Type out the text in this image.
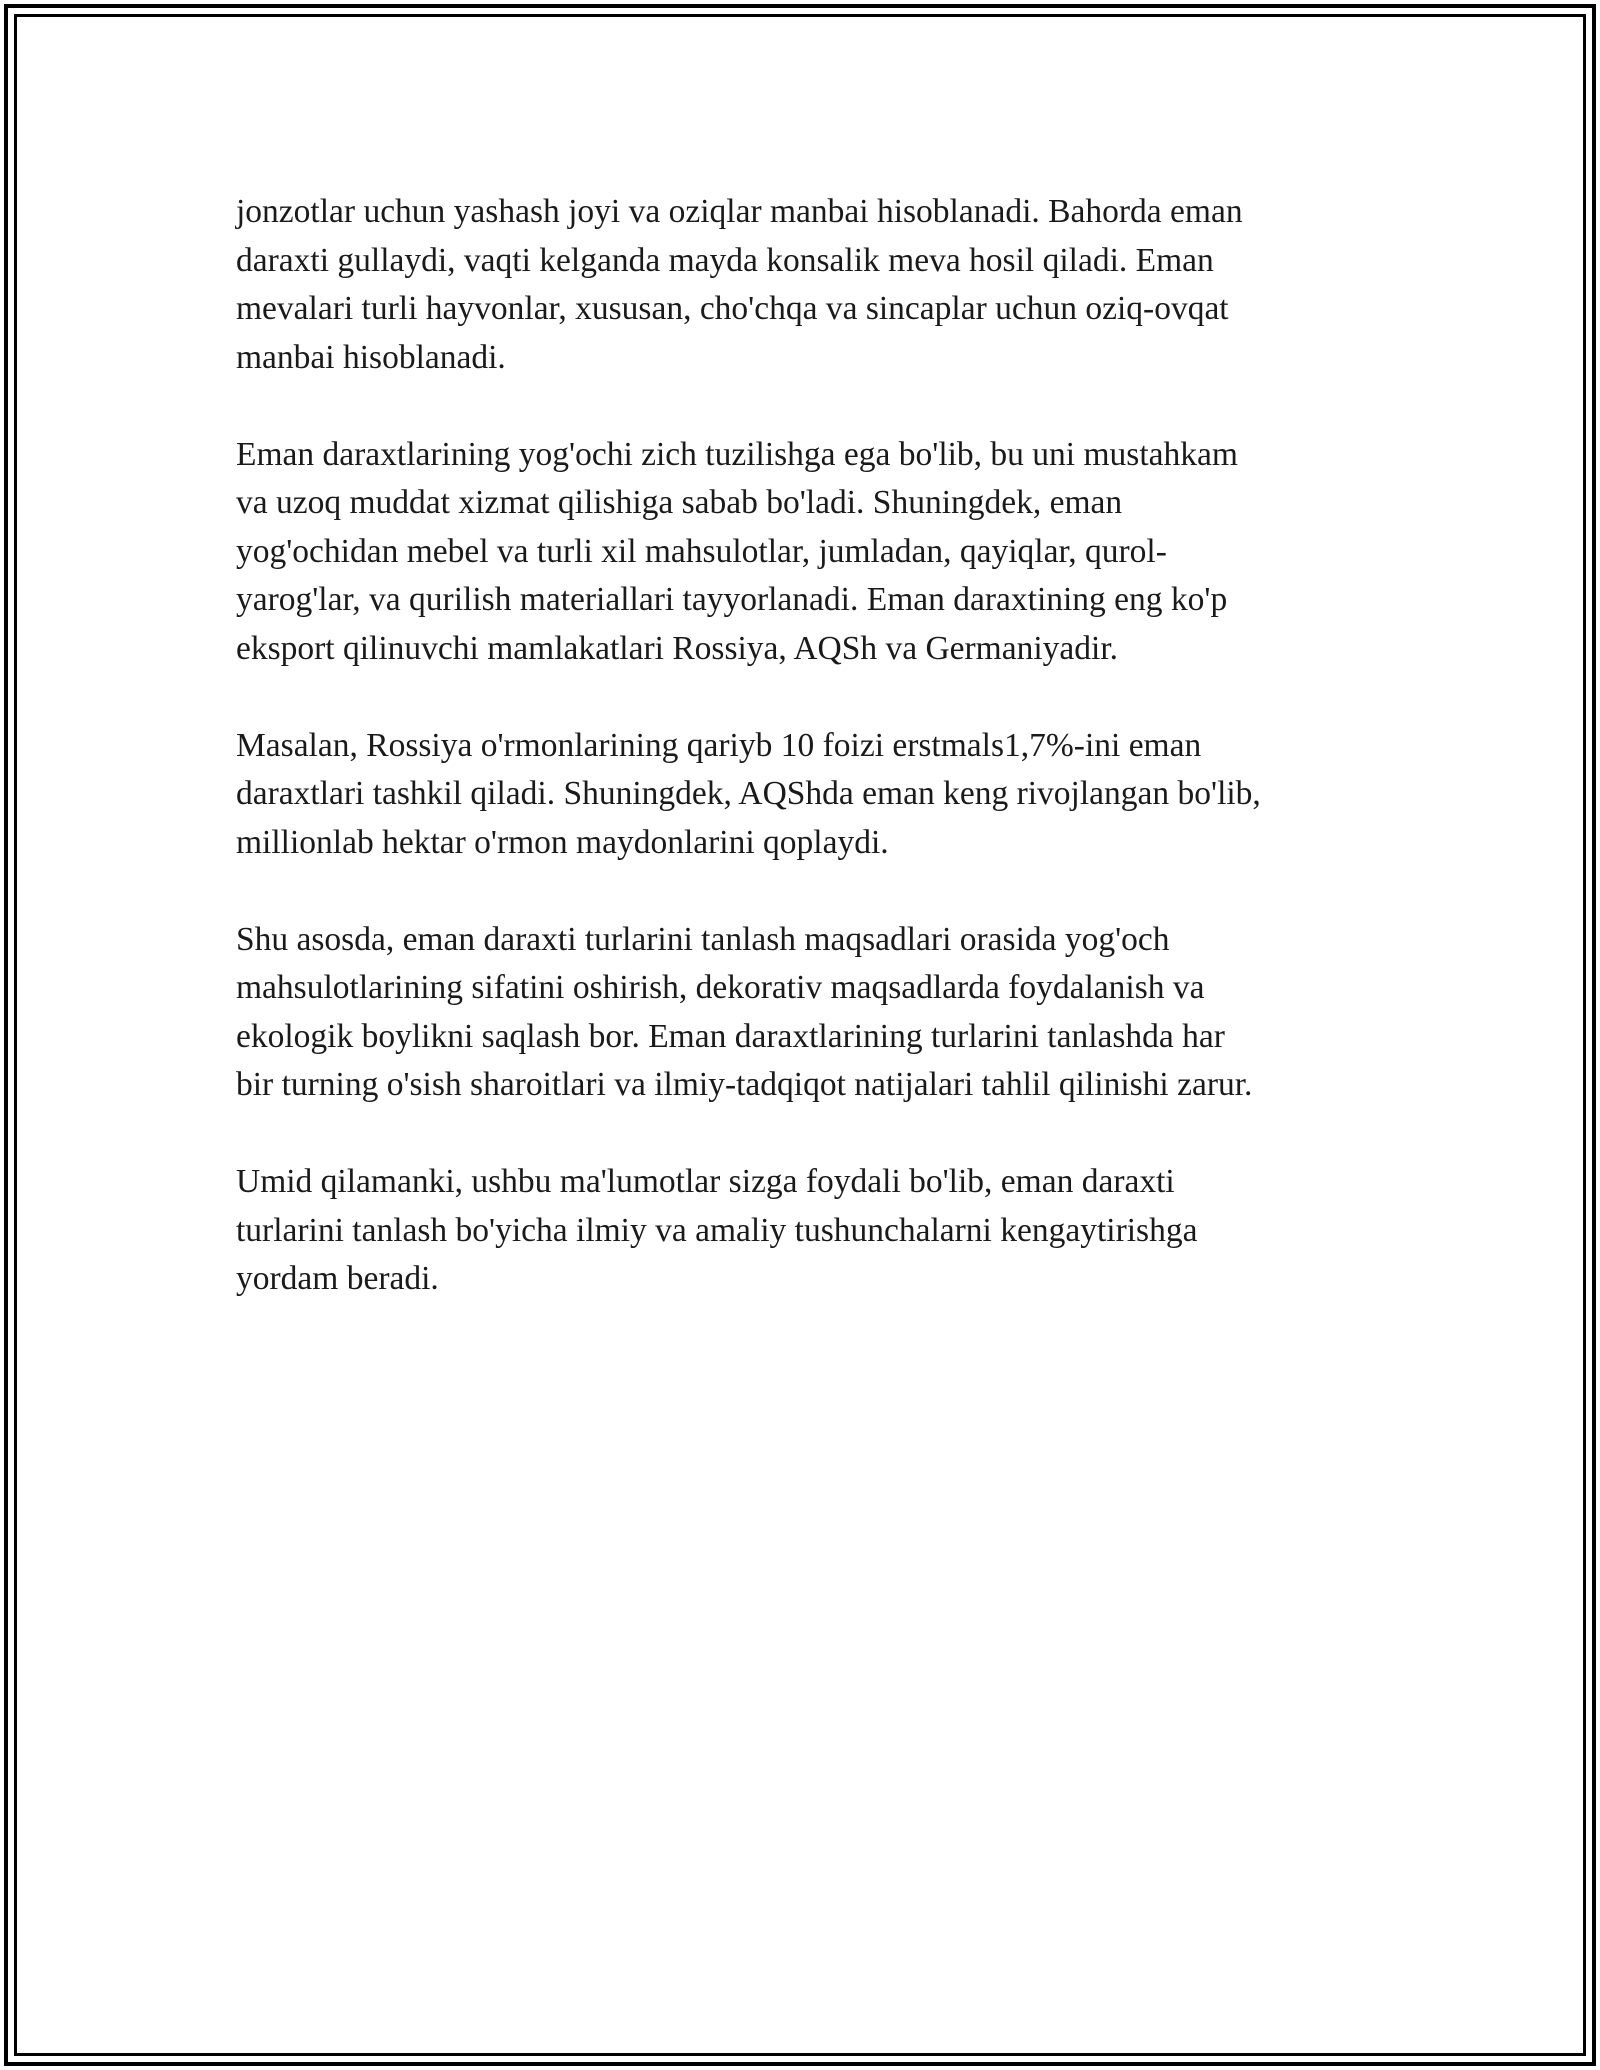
jonzotlar uchun yashash joyi va oziqlar manbai hisoblanadi. Bahorda eman
daraxti gullaydi, vaqti kelganda mayda konsalik meva hosil qiladi. Eman
mevalari turli hayvonlar, xususan, cho'chqa va sincaplar uchun oziq-ovqat
manbai hisoblanadi.

Eman daraxtlarining yog'ochi zich tuzilishga ega bo'lib, bu uni mustahkam
va uzoq muddat xizmat qilishiga sabab bo'ladi. Shuningdek, eman
yog'ochidan mebel va turli xil mahsulotlar, jumladan, qayiqlar, qurol-
yarog'lar, va qurilish materiallari tayyorlanadi. Eman daraxtining eng ko'p
eksport qilinuvchi mamlakatlari Rossiya, AQSh va Germaniyadir.

Masalan, Rossiya o'rmonlarining qariyb 10 foizi erstmals1,7%-ini eman
daraxtlari tashkil qiladi. Shuningdek, AQShda eman keng rivojlangan bo'lib,
millionlab hektar o'rmon maydonlarini qoplaydi.

Shu asosda, eman daraxti turlarini tanlash maqsadlari orasida yog'och
mahsulotlarining sifatini oshirish, dekorativ maqsadlarda foydalanish va
ekologik boylikni saqlash bor. Eman daraxtlarining turlarini tanlashda har
bir turning o'sish sharoitlari va ilmiy-tadqiqot natijalari tahlil qilinishi zarur.

Umid qilamanki, ushbu ma'lumotlar sizga foydali bo'lib, eman daraxti
turlarini tanlash bo'yicha ilmiy va amaliy tushunchalarni kengaytirishga
yordam beradi.
